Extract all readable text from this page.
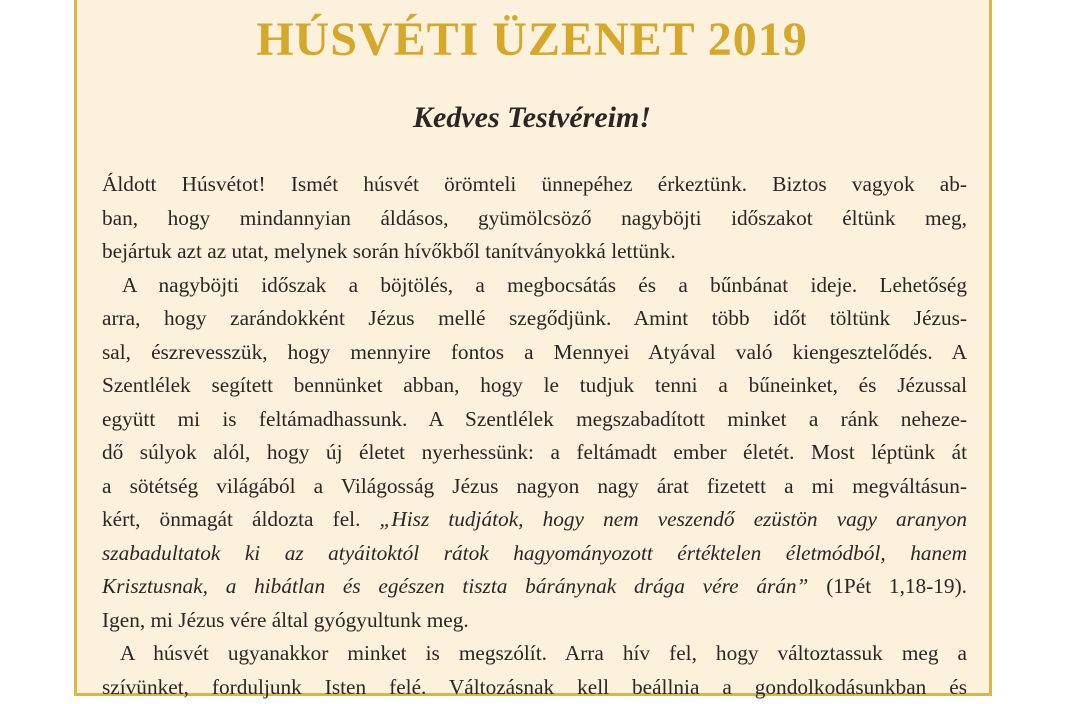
HÚSVÉTI ÜZENET 2019
Kedves Testvéreim!
Áldott Húsvétot! Ismét húsvét örömteli ünnepéhez érkeztünk. Biztos vagyok ab-
ban, hogy mindannyian áldásos, gyümölcsöző nagyböjti időszakot éltünk meg,
bejártuk azt az utat, melynek során hívőkből tanítványokká lettünk.
A nagyböjti időszak a böjtölés, a megbocsátás és a bűnbánat ideje. Lehetőség
arra, hogy zarándokként Jézus mellé szegődjünk. Amint több időt töltünk Jézus-
sal, észrevesszük, hogy mennyire fontos a Mennyei Atyával való kiengesztelődés. A
Szentlélek segített bennünket abban, hogy le tudjuk tenni a bűneinket, és Jézussal
együtt mi is feltámadhassunk. A Szentlélek megszabadított minket a ránk neheze-
dő súlyok alól, hogy új életet nyerhessünk: a feltámadt ember életét. Most léptünk át
a sötétség világából a Világosság Jézus nagyon nagy árat fizetett a mi megváltásun-
kért, önmagát áldozta fel. „Hisz tudjátok, hogy nem veszendő ezüstön vagy aranyon
szabadultatok ki az atyáitoktól rátok hagyományozott értéktelen életmódból, hanem
Krisztusnak, a hibátlan és egészen tiszta báránynak drága vére árán” (1Pét 1,18-19).
Igen, mi Jézus vére által gyógyultunk meg.
A húsvét ugyanakkor minket is megszólít. Arra hív fel, hogy változtassuk meg a
szívünket, forduljunk Isten felé. Változásnak kell beállnia a gondolkodásunkban és
